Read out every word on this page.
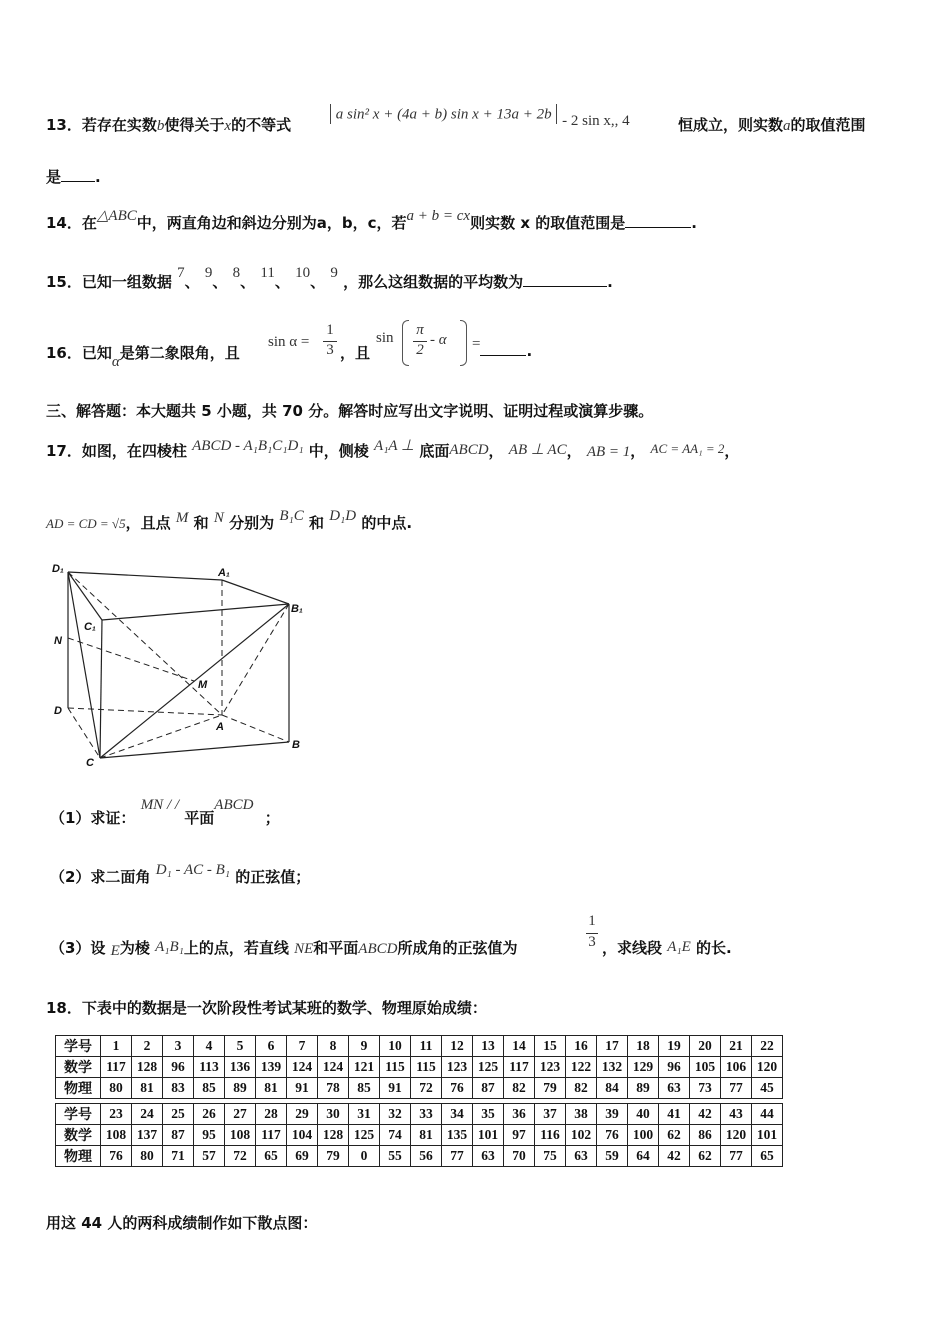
13．若存在实数b使得关于x的不等式
a sin² x + (4a + b) sin x + 13a + 2b - 2 sin x,, 4	恒成立，则实数a的取值范围
是 .
14．在△ABC中，两直角边和斜边分别为a，b，c，若a + b = cx则实数 x 的取值范围是	.
15．已知一组数据 7、 9、 8、 11、 10、 9 ，那么这组数据的平均数为	.
16．已知α是第二象限角，且
sin α =
1
3 ，且
sin π
2
- α =	.
三、解答题：本大题共 5 小题，共 70 分。解答时应写出文字说明、证明过程或演算步骤。
17．如图，在四棱柱 ABCD - A₁B₁C₁D₁ 中，侧棱 A₁A ⊥ 底面ABCD， AB ⊥ AC， AB = 1， AC = AA₁ = 2，
AD = CD = √5，且点 M 和 N 分别为 B₁C 和 D₁D 的中点.
D₁	A₁
B₁
C₁
N
M
D
A
B
C
（1）求证： MN / / 平面ABCD ；
（2）求二面角 D₁ - AC - B₁ 的正弦值；
（3）设 E为棱 A₁B₁上的点，若直线 NE和平面ABCD所成角的正弦值为
1
3 ，求线段 A₁E 的长.
18．下表中的数据是一次阶段性考试某班的数学、物理原始成绩：
学号	1	2	3	4	5	6	7	8	9	10	11	12	13	14	15	16	17	18	19	20	21	22
数学	117	128	96	113	136	139	124	124	121	115	115	123	125	117	123	122	132	129	96	105	106	120
物理	80	81	83	85	89	81	91	78	85	91	72	76	87	82	79	82	84	89	63	73	77	45
学号	23	24	25	26	27	28	29	30	31	32	33	34	35	36	37	38	39	40	41	42	43	44
数学	108	137	87	95	108	117	104	128	125	74	81	135	101	97	116	102	76	100	62	86	120	101
物理	76	80	71	57	72	65	69	79	0	55	56	77	63	70	75	63	59	64	42	62	77	65
用这 44 人的两科成绩制作如下散点图：
